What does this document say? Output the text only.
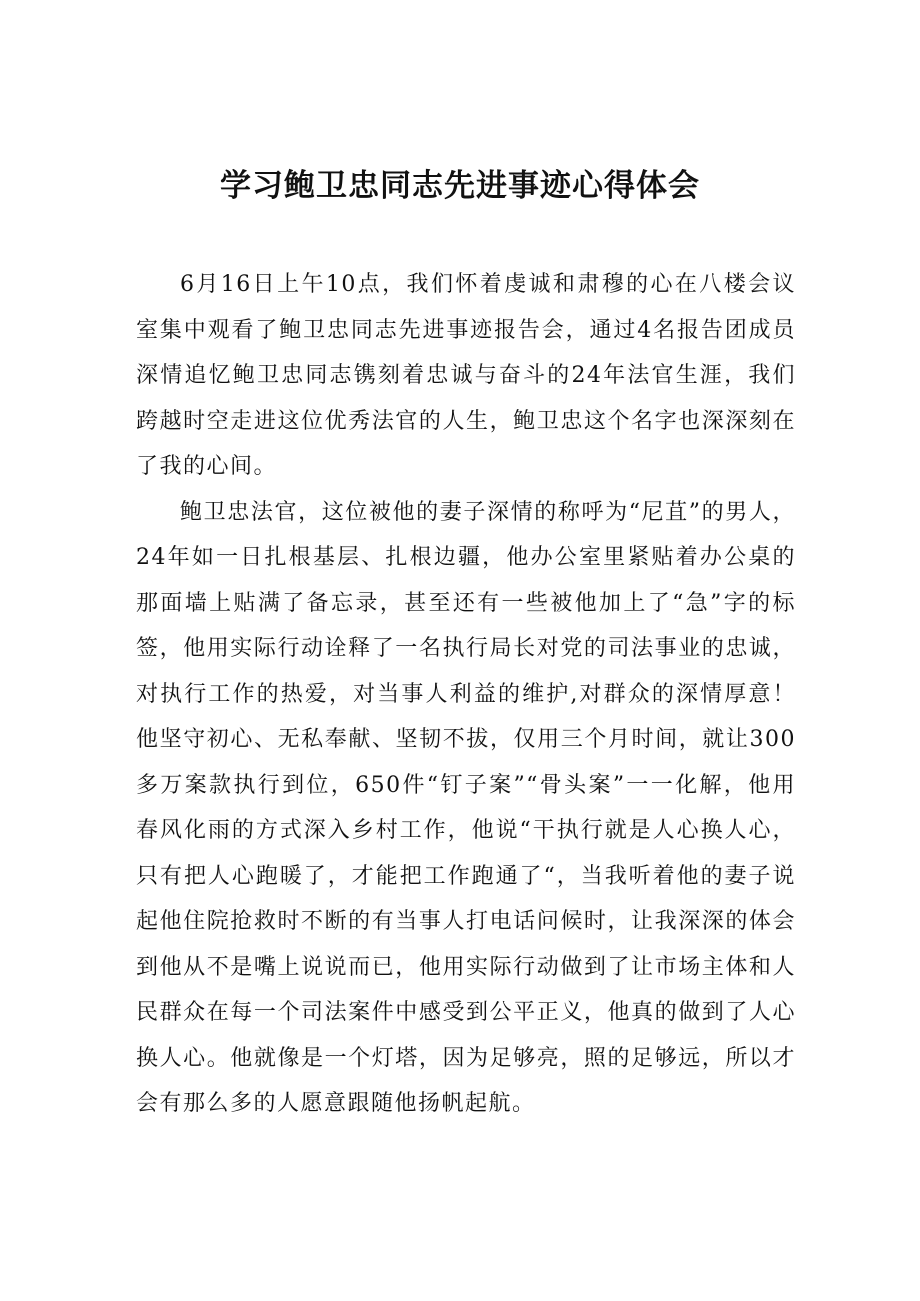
学习鲍卫忠同志先进事迹心得体会

6月16日上午10点，我们怀着虔诚和肃穆的心在八楼会议室集中观看了鲍卫忠同志先进事迹报告会，通过4名报告团成员深情追忆鲍卫忠同志镌刻着忠诚与奋斗的24年法官生涯，我们跨越时空走进这位优秀法官的人生，鲍卫忠这个名字也深深刻在了我的心间。

鲍卫忠法官，这位被他的妻子深情的称呼为“尼苴”的男人，24年如一日扎根基层、扎根边疆，他办公室里紧贴着办公桌的那面墙上贴满了备忘录，甚至还有一些被他加上了“急”字的标签，他用实际行动诠释了一名执行局长对党的司法事业的忠诚，对执行工作的热爱，对当事人利益的维护,对群众的深情厚意！他坚守初心、无私奉献、坚韧不拔，仅用三个月时间，就让300多万案款执行到位，650件“钉子案”“骨头案”一一化解，他用春风化雨的方式深入乡村工作，他说“干执行就是人心换人心，只有把人心跑暖了，才能把工作跑通了“，当我听着他的妻子说起他住院抢救时不断的有当事人打电话问候时，让我深深的体会到他从不是嘴上说说而已，他用实际行动做到了让市场主体和人民群众在每一个司法案件中感受到公平正义，他真的做到了人心换人心。他就像是一个灯塔，因为足够亮，照的足够远，所以才会有那么多的人愿意跟随他扬帆起航。
